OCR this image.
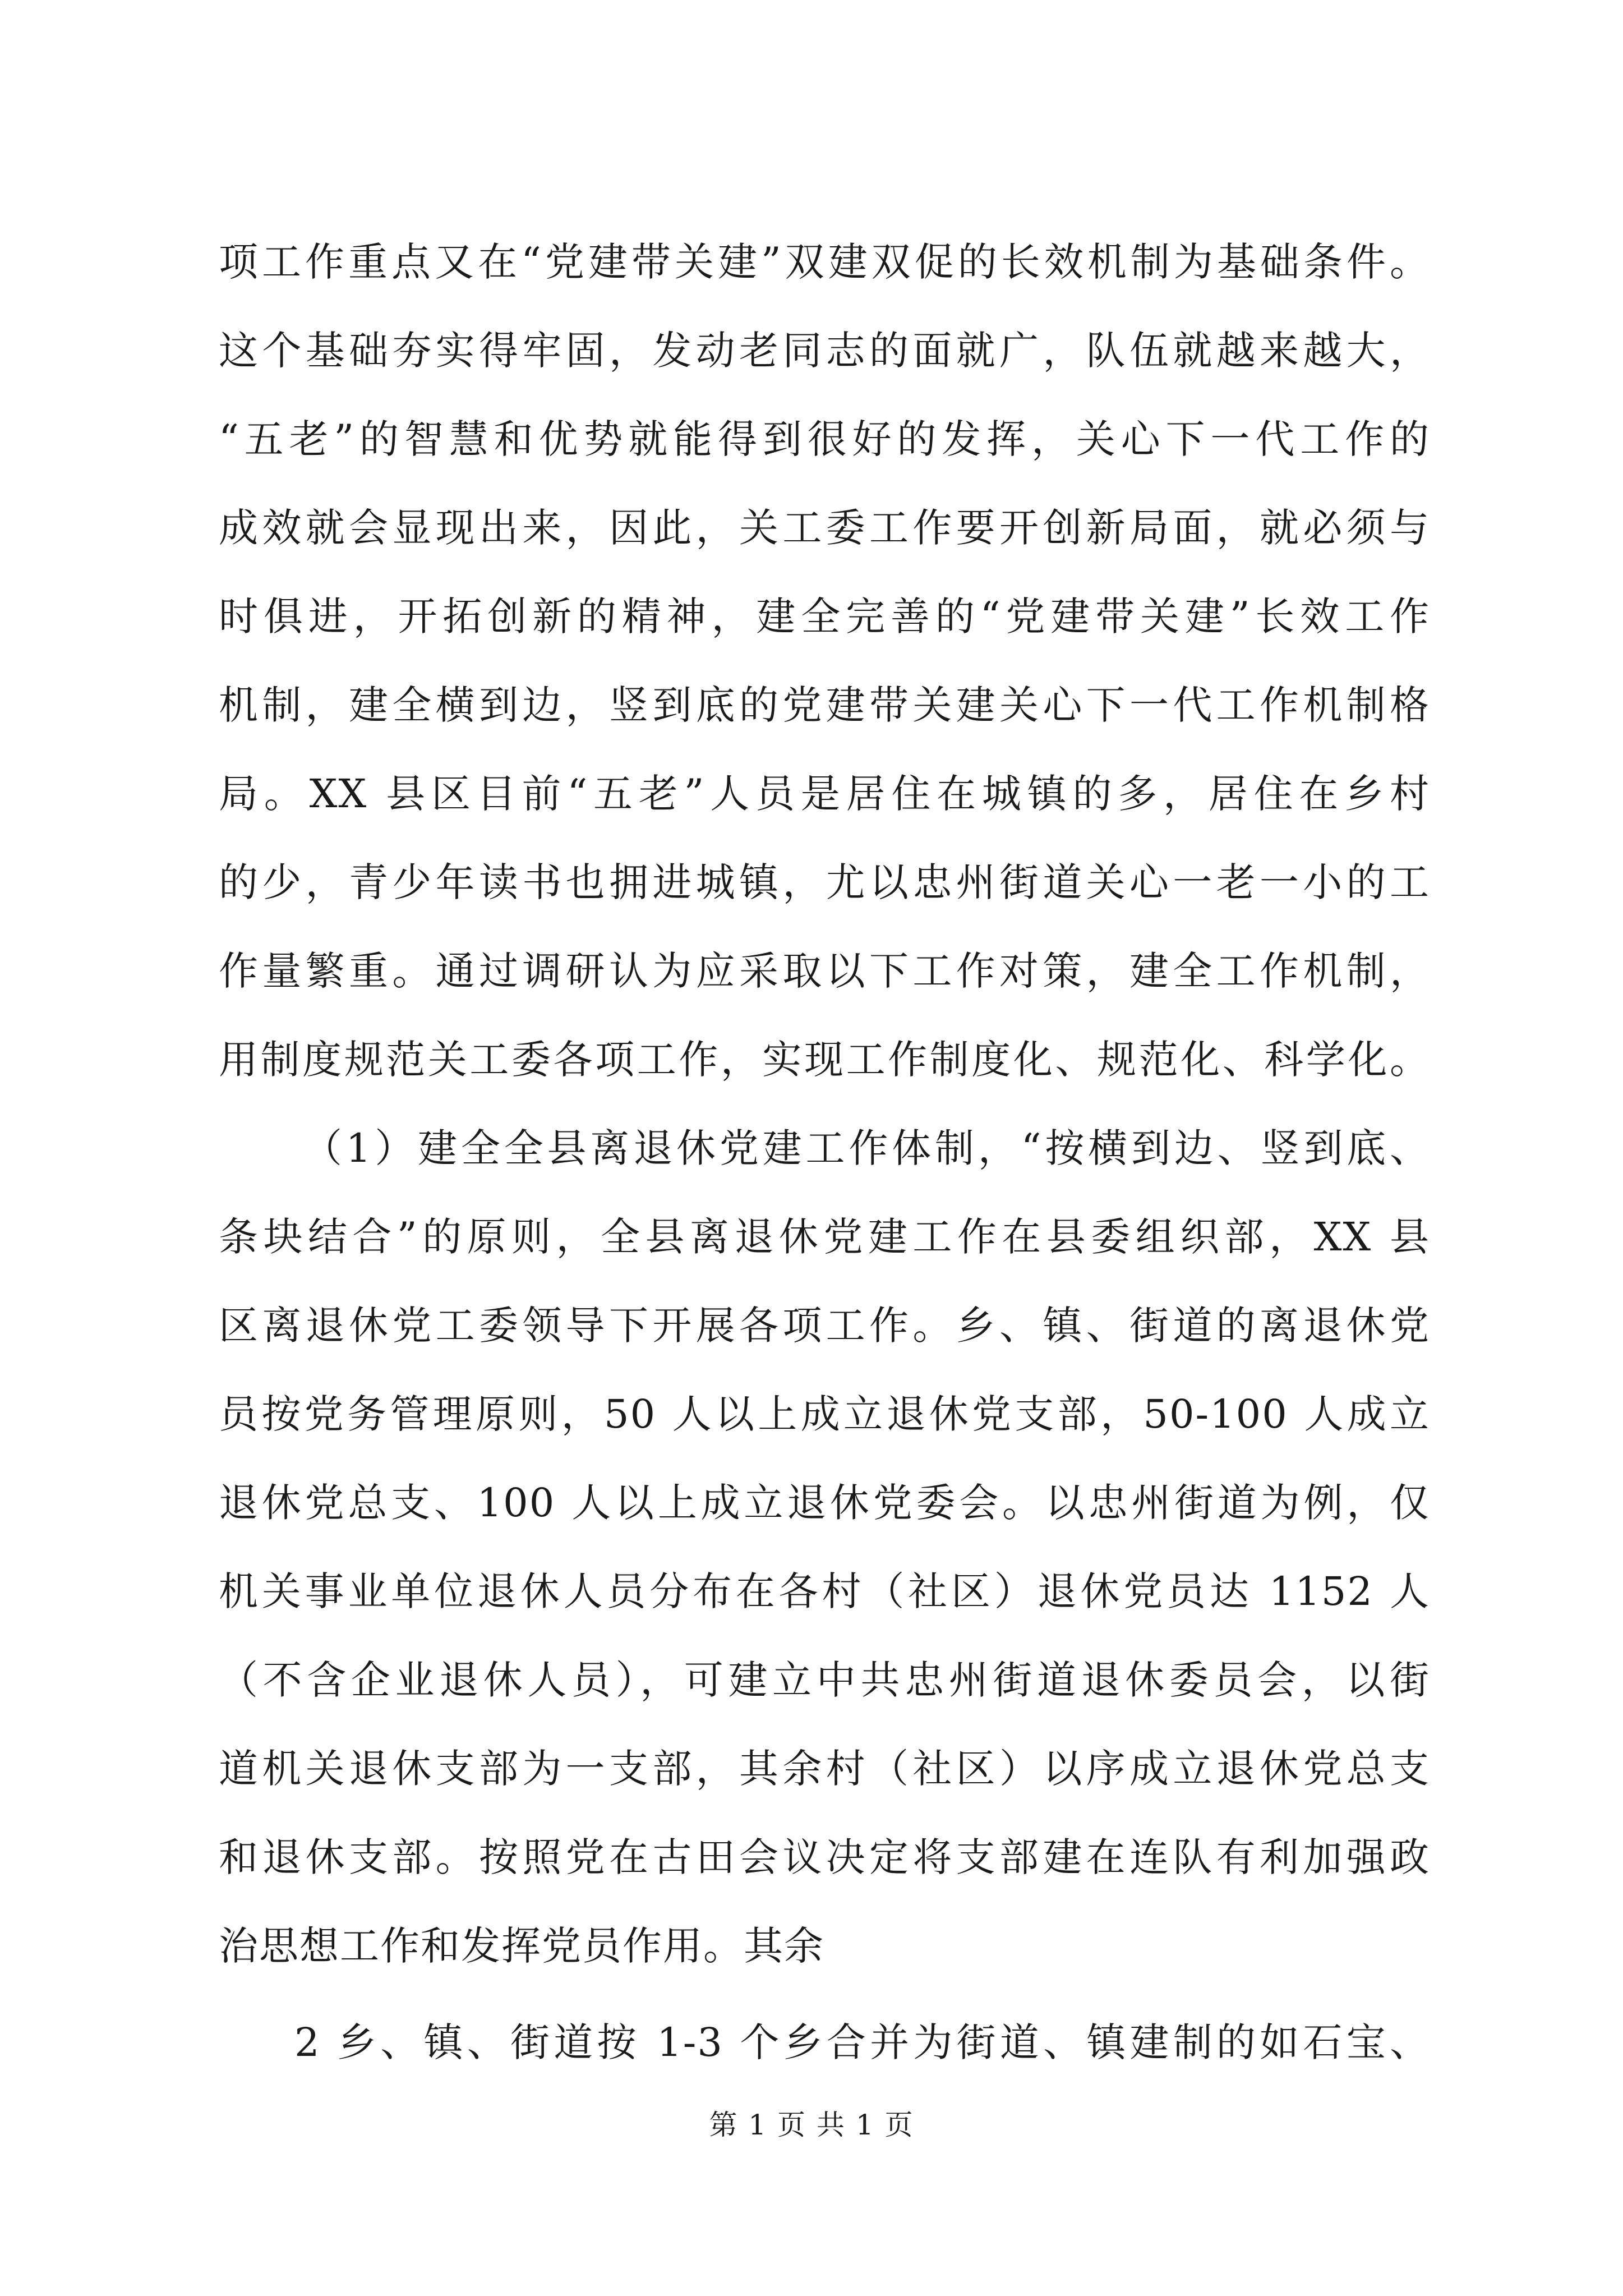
项工作重点又在“党建带关建”双建双促的长效机制为基础条件。
这个基础夯实得牢固，发动老同志的面就广，队伍就越来越大，
“五老”的智慧和优势就能得到很好的发挥，关心下一代工作的
成效就会显现出来，因此，关工委工作要开创新局面，就必须与
时俱进，开拓创新的精神，建全完善的“党建带关建”长效工作
机制，建全横到边，竖到底的党建带关建关心下一代工作机制格
局。XX 县区目前“五老”人员是居住在城镇的多，居住在乡村
的少，青少年读书也拥进城镇，尤以忠州街道关心一老一小的工
作量繁重。通过调研认为应采取以下工作对策，建全工作机制，
用制度规范关工委各项工作，实现工作制度化、规范化、科学化。
（1）建全全县离退休党建工作体制，“按横到边、竖到底、
条块结合”的原则，全县离退休党建工作在县委组织部，XX 县
区离退休党工委领导下开展各项工作。乡、镇、街道的离退休党
员按党务管理原则，50 人以上成立退休党支部，50-100 人成立
退休党总支、100 人以上成立退休党委会。以忠州街道为例，仅
机关事业单位退休人员分布在各村（社区）退休党员达 1152 人
（不含企业退休人员），可建立中共忠州街道退休委员会，以街
道机关退休支部为一支部，其余村（社区）以序成立退休党总支
和退休支部。按照党在古田会议决定将支部建在连队有利加强政
治思想工作和发挥党员作用。其余
2 乡、镇、街道按 1-3 个乡合并为街道、镇建制的如石宝、
第 1 页 共 1 页
